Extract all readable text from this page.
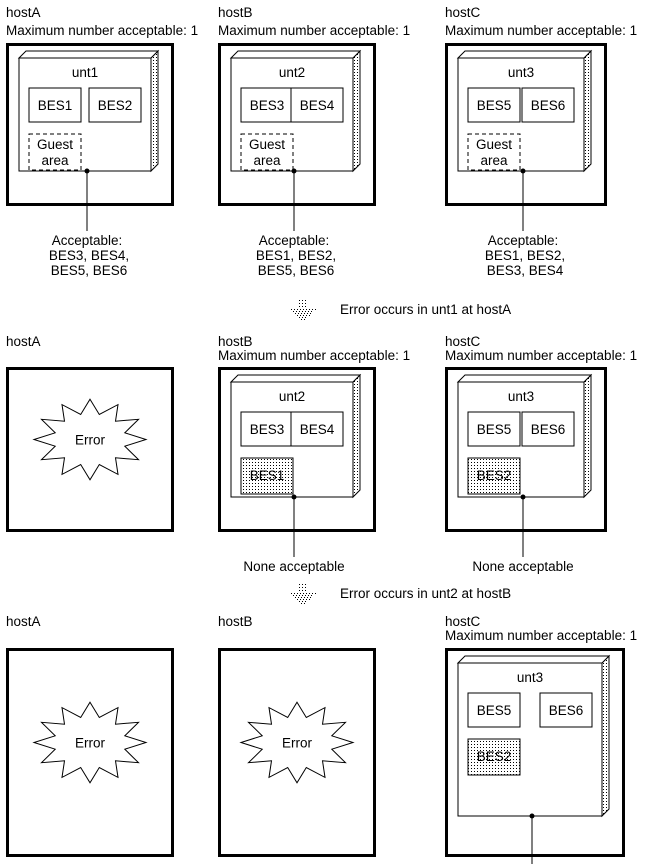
hostA
Maximum number acceptable: 1
unt1
BES1 BES2
Guest
area
Acceptable:
BES3, BES4,
BES5, BES6
hostB
Maximum number acceptable: 1
unt2
BES3 BES4
Guest
area
Acceptable:
BES1, BES2,
BES5, BES6
hostC
Maximum number acceptable: 1
unt3
BES5 BES6
Guest
area
Acceptable:
BES1, BES2,
BES3, BES4
Error occurs in unt1 at hostA
hostA
Error
hostB
Maximum number acceptable: 1
unt2
BES3 BES4
BES1
None acceptable
hostC
Maximum number acceptable: 1
unt3
BES5 BES6
BES2
None acceptable
Error occurs in unt2 at hostB
hostA
Error
hostB
Error
hostC
Maximum number acceptable: 1
unt3
BES5	BES6
BES2
